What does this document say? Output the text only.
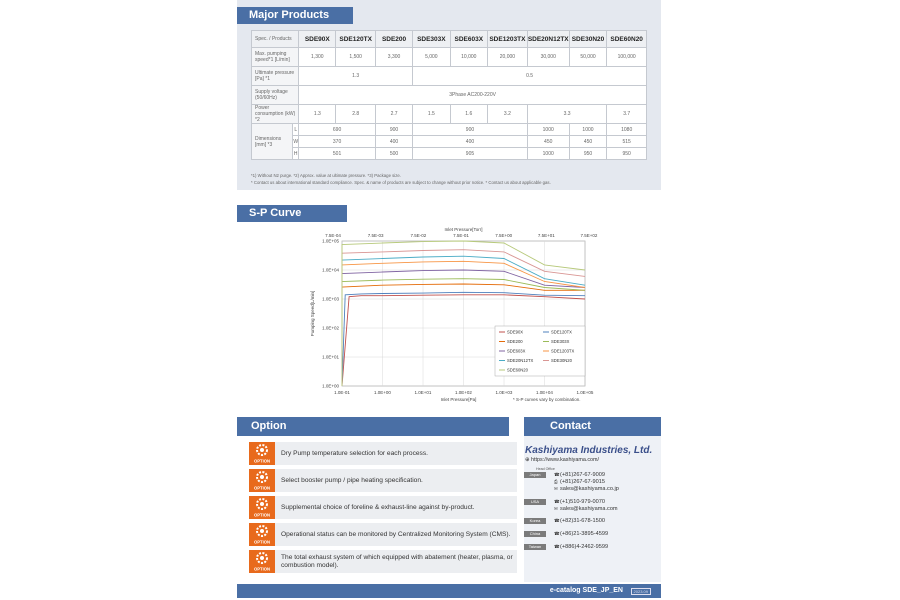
Major Products
Spec. / Products		SDE90X	SDE120TX	SDE200	SDE303X	SDE603X	SDE1203TX	SDE20N12TX	SDE30N20	SDE60N20
Max. pumping speed*1 [L/min]		1,300	1,500	3,300	5,000	10,000	20,000	30,000	50,000	100,000
Ultimate pressure [Pa] *1		1.3			0.5					
Supply voltage (50/60Hz)		3Phase AC200-220V								
Power consumption (kW) *2		1.3	2.8	2.7	1.5	1.6	3.2	3.3		3.7
Dimensions [mm] *3	L	690		900	900			1000	1000	1080
	W	370		400	400			450	450	515
	H	501		500	905			1000	950	950
*1) Without N2 purge. *2) Approx. value at ultimate pressure. *3) Package size.
* Contact us about international standard compliance. Spec. & name of products are subject to change without prior notice. * Contact us about applicable gas.
S-P Curve
Inlet Pressure[Torr]
Inlet Pressure[Pa]
Pumping Speed[L/min]
* S-P curves vary by combination.
1.0E-01	1.0E+00	1.0E+01	1.0E+02	1.0E+03	1.0E+04	1.0E+05
7.5E-04	7.5E-03	7.5E-02	7.5E-01	7.5E+00	7.5E+01	7.5E+02
1.0E+05
1.0E+04
1.0E+03
1.0E+02
1.0E+01
1.0E+00
SDE90X	SDE120TX
SDE200	SDE303X
SDE603X	SDE1203TX
SDE20N12TX	SDE30N20
SDE60N20
Option
OPTION
Dry Pump temperature selection for each process.
OPTION
Select booster pump / pipe heating specification.
OPTION
Supplemental choice of foreline & exhaust-line against by-product.
OPTION
Operational status can be monitored by Centralized Monitoring System (CMS).
OPTION
The total exhaust system of which equipped with abatement (heater, plasma, or combustion model).
Contact
Kashiyama Industries, Ltd.
⊕ https://www.kashiyama.com/
Head Office
Japan	☎(+81)267-67-9009
⎙ (+81)267-67-9015
✉ sales@kashiyama.co.jp
USA	☎(+1)510-979-0070
✉ sales@kashiyama.com
Korea	☎(+82)31-678-1500
China	☎(+86)21-3895-4599
Taiwan	☎(+886)4-2462-9599
e-catalog SDE_JP_EN	2023.09
